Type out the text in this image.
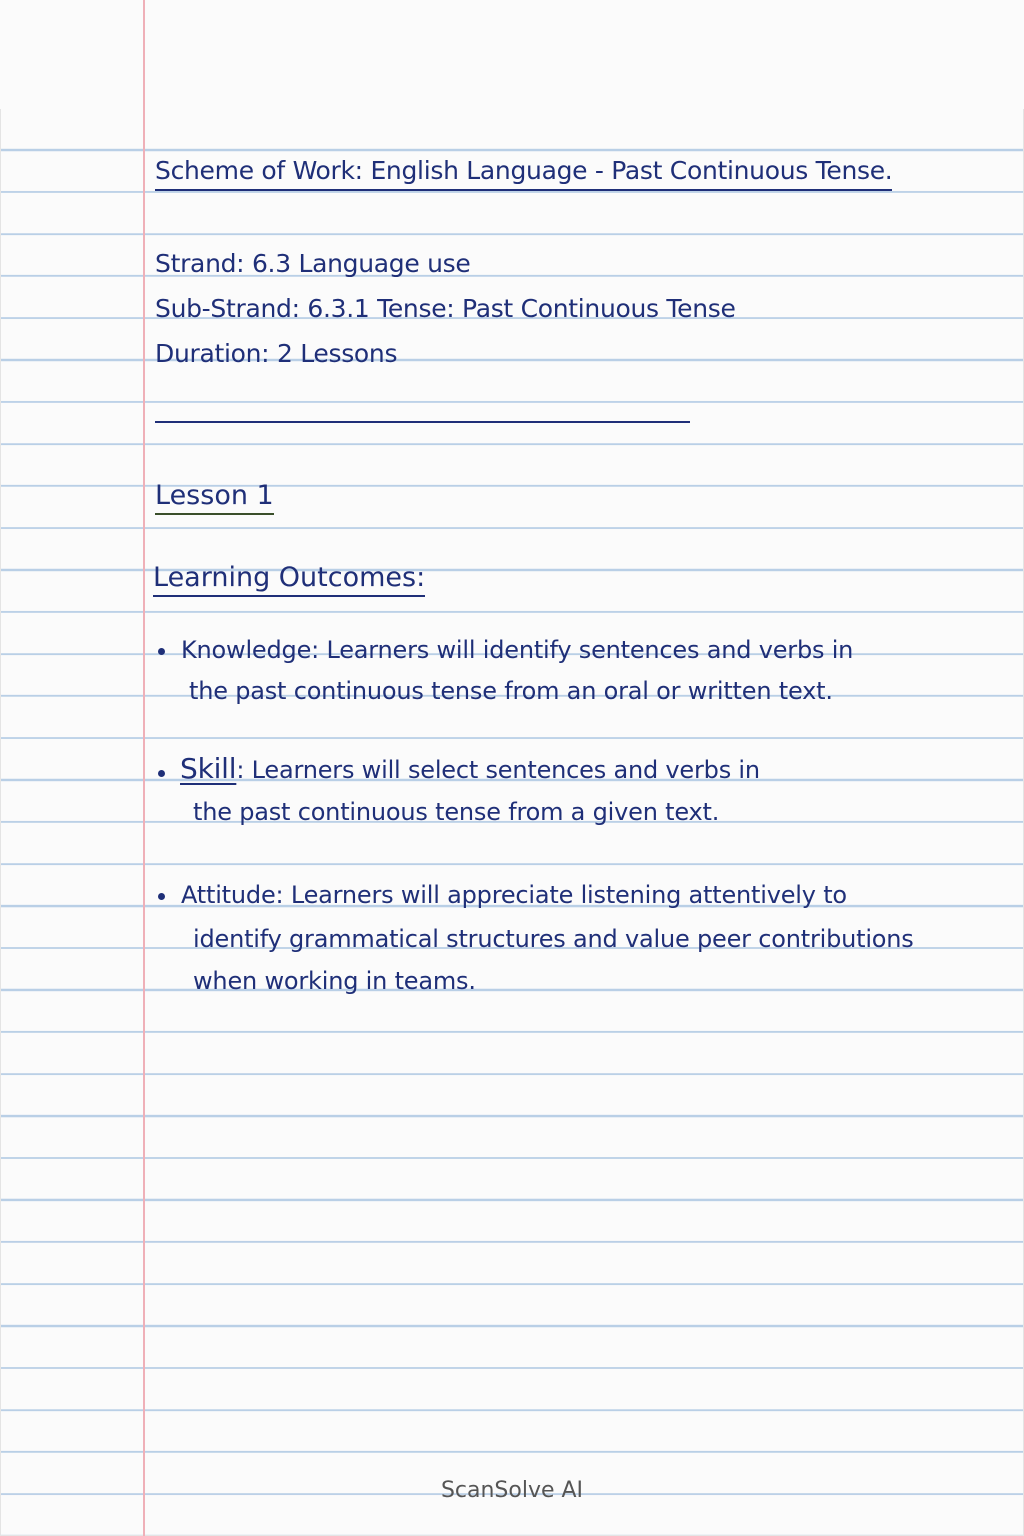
Scheme of Work: English Language - Past Continuous Tense.

Strand: 6.3 Language use

Sub-Strand: 6.3.1 Tense: Past Continuous Tense

Duration: 2 Lessons

Lesson 1

Learning Outcomes:

Knowledge: Learners will identify sentences and verbs in

the past continuous tense from an oral or written text.

Skill: Learners will select sentences and verbs in

the past continuous tense from a given text.

Attitude: Learners will appreciate listening attentively to

identify grammatical structures and value peer contributions

when working in teams.

ScanSolve AI
